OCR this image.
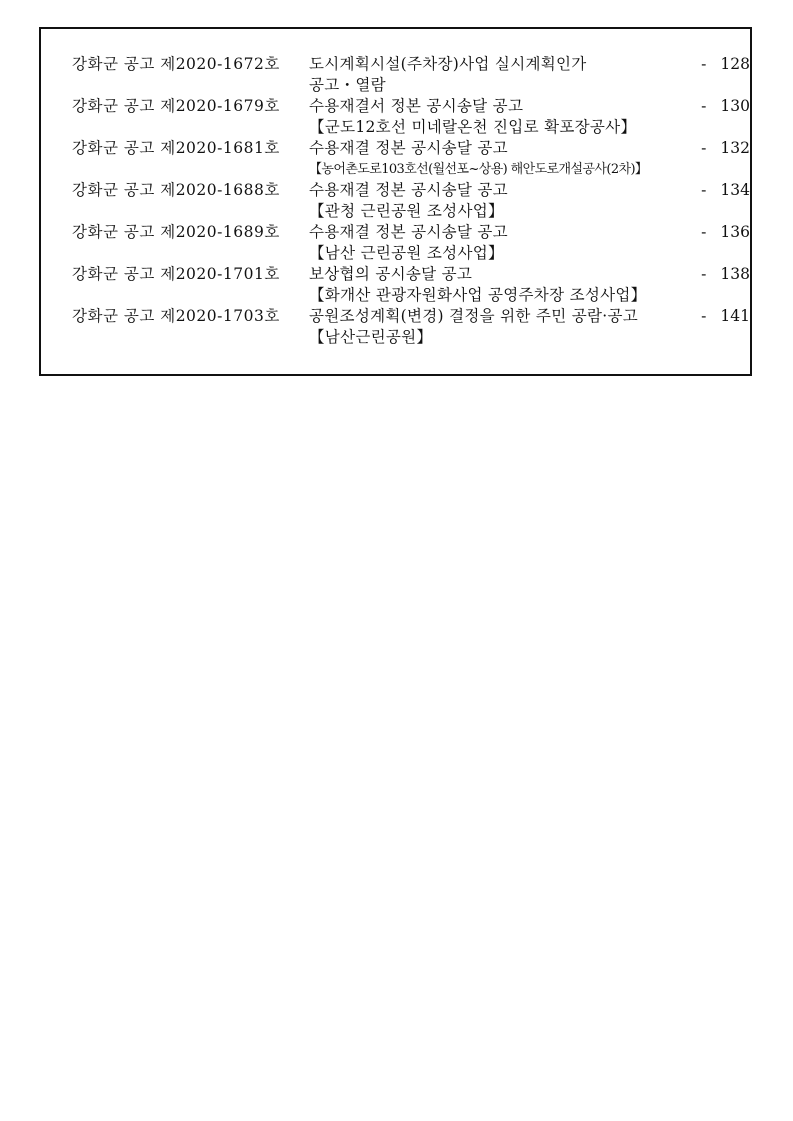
강화군 공고 제2020-1672호	도시계획시설(주차장)사업 실시계획인가	- 128
공고・열람
강화군 공고 제2020-1679호	수용재결서 정본 공시송달 공고	- 130
【군도12호선 미네랄온천 진입로 확포장공사】
강화군 공고 제2020-1681호	수용재결 정본 공시송달 공고	- 132
【농어촌도로103호선(월선포~상용) 해안도로개설공사(2차)】
강화군 공고 제2020-1688호	수용재결 정본 공시송달 공고	- 134
【관청 근린공원 조성사업】
강화군 공고 제2020-1689호	수용재결 정본 공시송달 공고	- 136
【남산 근린공원 조성사업】
강화군 공고 제2020-1701호	보상협의 공시송달 공고	- 138
【화개산 관광자원화사업 공영주차장 조성사업】
강화군 공고 제2020-1703호	공원조성계획(변경) 결정을 위한 주민 공람·공고	- 141
【남산근린공원】
